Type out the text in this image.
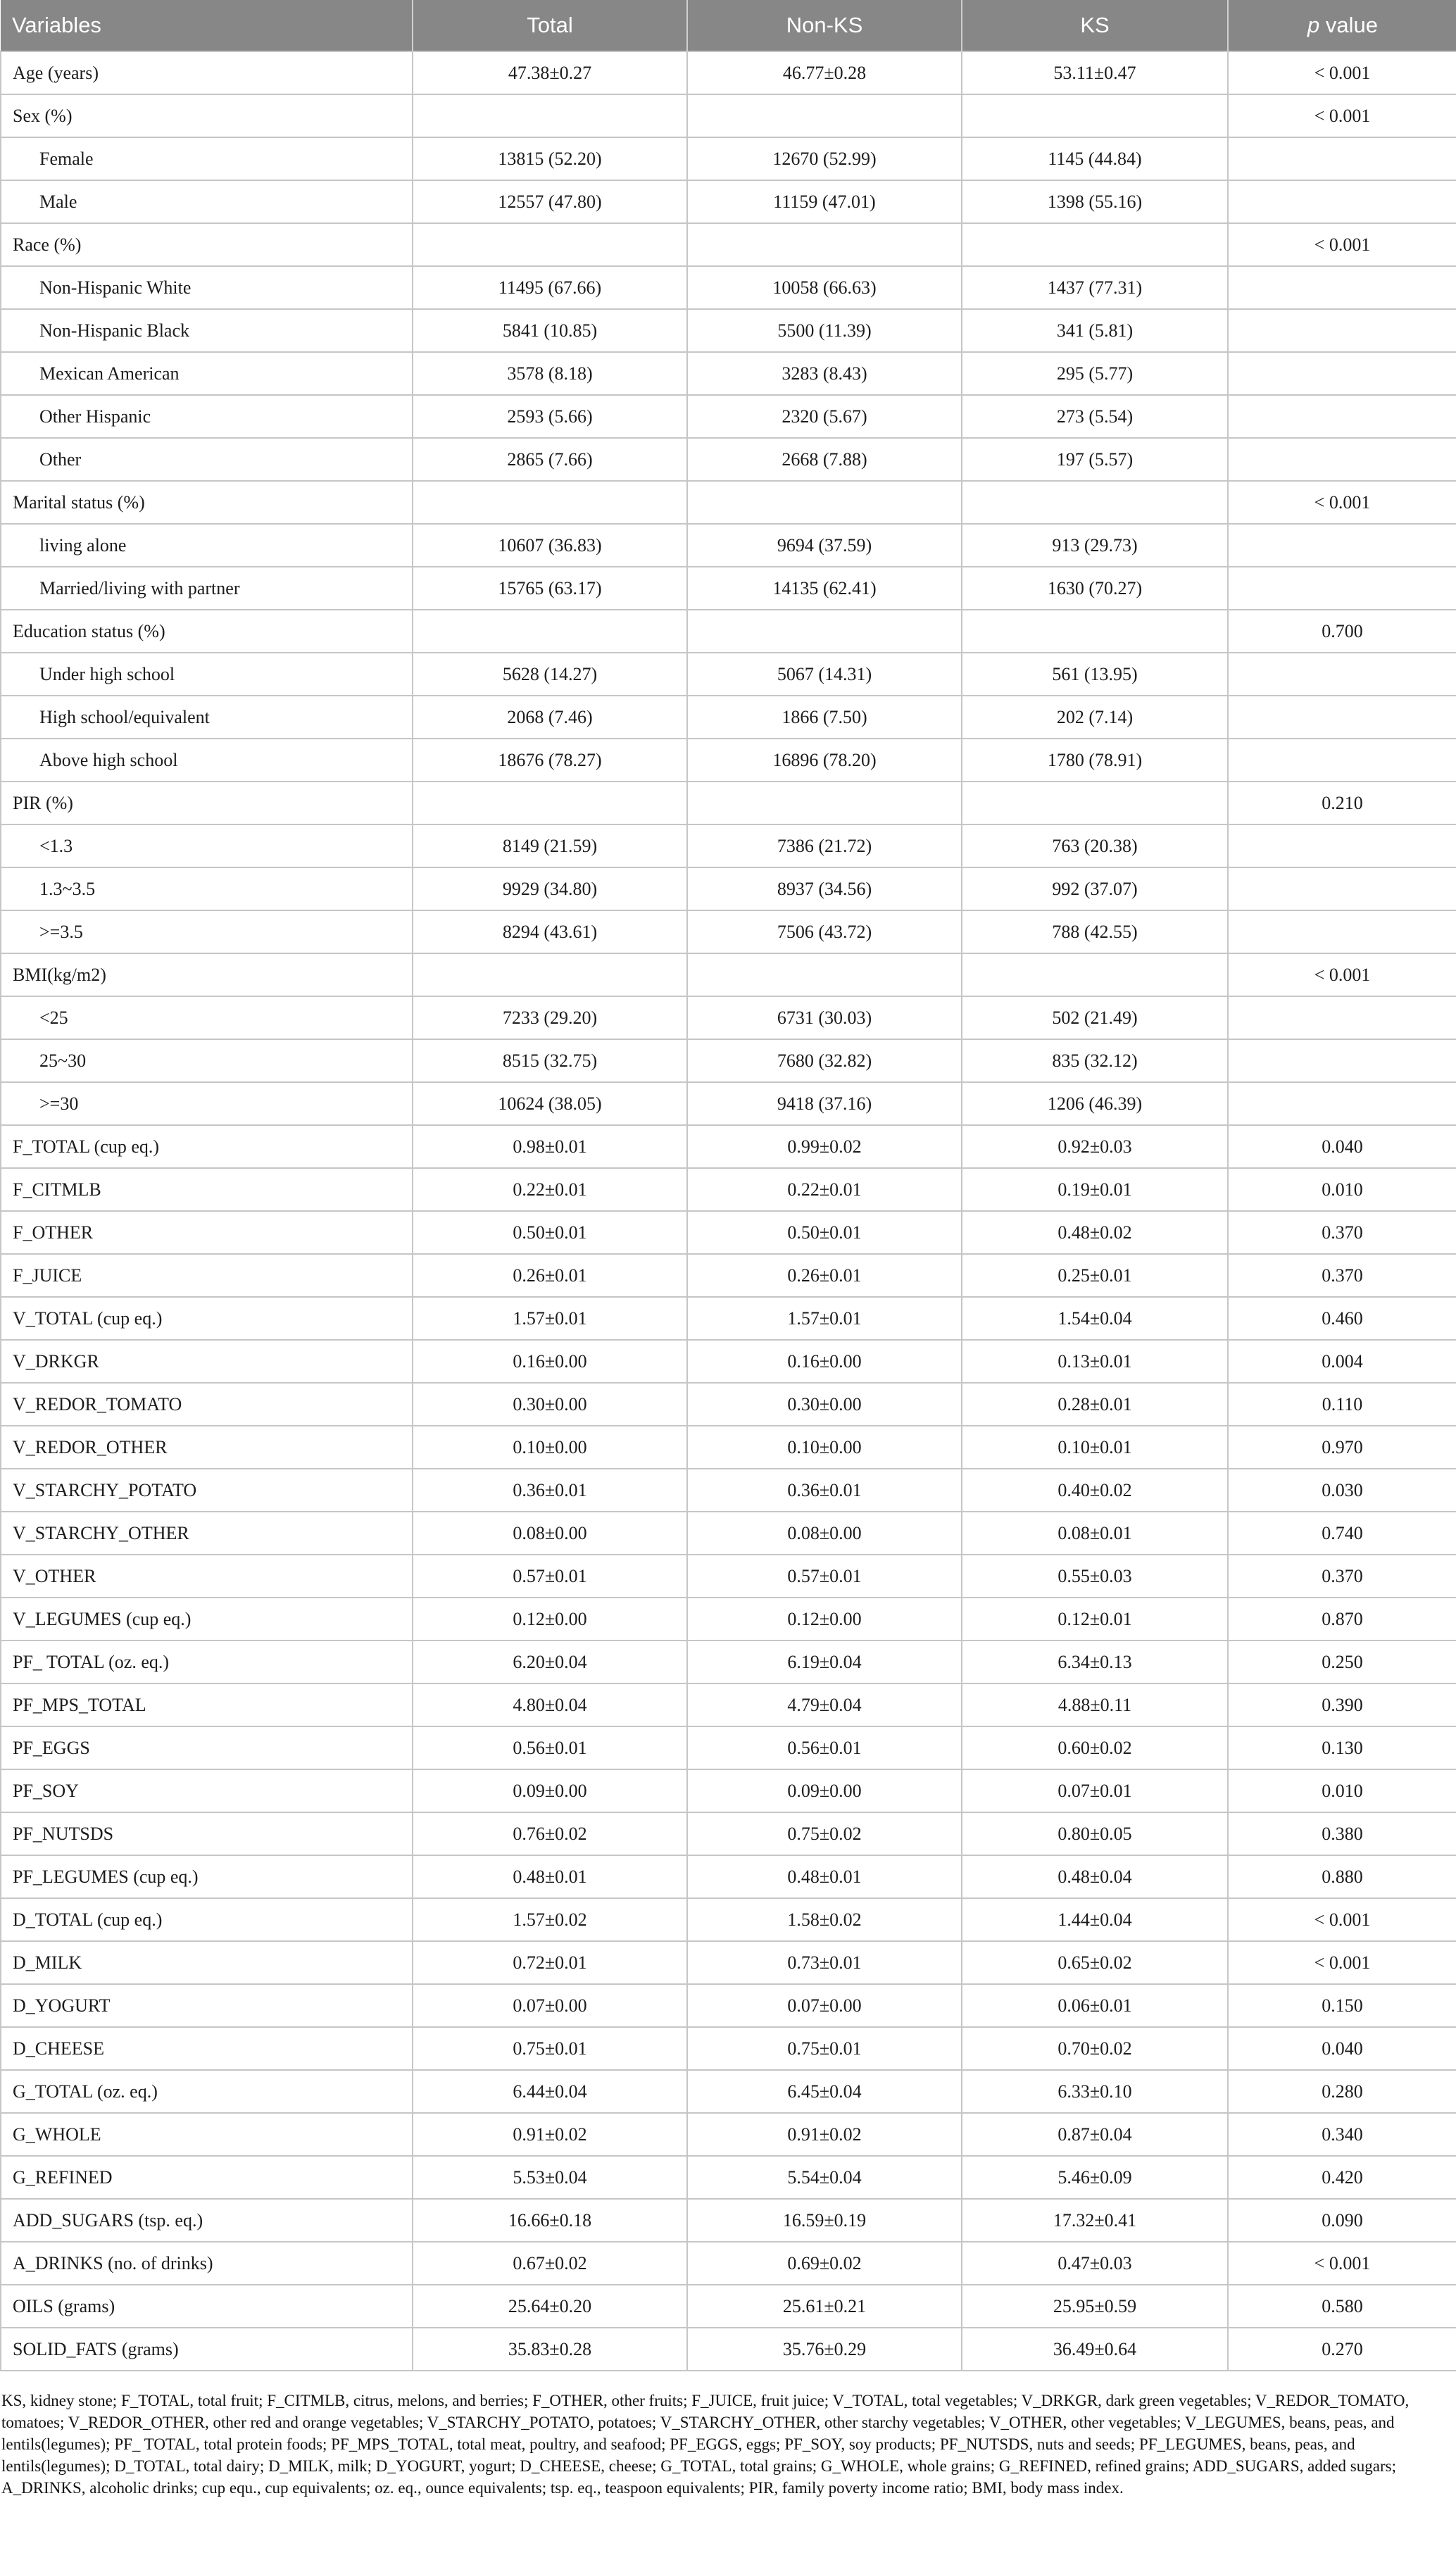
Variables	Total	Non-KS	KS	p value
Age (years)	47.38±0.27	46.77±0.28	53.11±0.47	< 0.001
Sex (%)				< 0.001
Female	13815 (52.20)	12670 (52.99)	1145 (44.84)	
Male	12557 (47.80)	11159 (47.01)	1398 (55.16)	
Race (%)				< 0.001
Non-Hispanic White	11495 (67.66)	10058 (66.63)	1437 (77.31)	
Non-Hispanic Black	5841 (10.85)	5500 (11.39)	341 (5.81)	
Mexican American	3578 (8.18)	3283 (8.43)	295 (5.77)	
Other Hispanic	2593 (5.66)	2320 (5.67)	273 (5.54)	
Other	2865 (7.66)	2668 (7.88)	197 (5.57)	
Marital status (%)				< 0.001
living alone	10607 (36.83)	9694 (37.59)	913 (29.73)	
Married/living with partner	15765 (63.17)	14135 (62.41)	1630 (70.27)	
Education status (%)				0.700
Under high school	5628 (14.27)	5067 (14.31)	561 (13.95)	
High school/equivalent	2068 (7.46)	1866 (7.50)	202 (7.14)	
Above high school	18676 (78.27)	16896 (78.20)	1780 (78.91)	
PIR (%)				0.210
<1.3	8149 (21.59)	7386 (21.72)	763 (20.38)	
1.3~3.5	9929 (34.80)	8937 (34.56)	992 (37.07)	
>=3.5	8294 (43.61)	7506 (43.72)	788 (42.55)	
BMI(kg/m2)				< 0.001
<25	7233 (29.20)	6731 (30.03)	502 (21.49)	
25~30	8515 (32.75)	7680 (32.82)	835 (32.12)	
>=30	10624 (38.05)	9418 (37.16)	1206 (46.39)	
F_TOTAL (cup eq.)	0.98±0.01	0.99±0.02	0.92±0.03	0.040
F_CITMLB	0.22±0.01	0.22±0.01	0.19±0.01	0.010
F_OTHER	0.50±0.01	0.50±0.01	0.48±0.02	0.370
F_JUICE	0.26±0.01	0.26±0.01	0.25±0.01	0.370
V_TOTAL (cup eq.)	1.57±0.01	1.57±0.01	1.54±0.04	0.460
V_DRKGR	0.16±0.00	0.16±0.00	0.13±0.01	0.004
V_REDOR_TOMATO	0.30±0.00	0.30±0.00	0.28±0.01	0.110
V_REDOR_OTHER	0.10±0.00	0.10±0.00	0.10±0.01	0.970
V_STARCHY_POTATO	0.36±0.01	0.36±0.01	0.40±0.02	0.030
V_STARCHY_OTHER	0.08±0.00	0.08±0.00	0.08±0.01	0.740
V_OTHER	0.57±0.01	0.57±0.01	0.55±0.03	0.370
V_LEGUMES (cup eq.)	0.12±0.00	0.12±0.00	0.12±0.01	0.870
PF_ TOTAL (oz. eq.)	6.20±0.04	6.19±0.04	6.34±0.13	0.250
PF_MPS_TOTAL	4.80±0.04	4.79±0.04	4.88±0.11	0.390
PF_EGGS	0.56±0.01	0.56±0.01	0.60±0.02	0.130
PF_SOY	0.09±0.00	0.09±0.00	0.07±0.01	0.010
PF_NUTSDS	0.76±0.02	0.75±0.02	0.80±0.05	0.380
PF_LEGUMES (cup eq.)	0.48±0.01	0.48±0.01	0.48±0.04	0.880
D_TOTAL (cup eq.)	1.57±0.02	1.58±0.02	1.44±0.04	< 0.001
D_MILK	0.72±0.01	0.73±0.01	0.65±0.02	< 0.001
D_YOGURT	0.07±0.00	0.07±0.00	0.06±0.01	0.150
D_CHEESE	0.75±0.01	0.75±0.01	0.70±0.02	0.040
G_TOTAL (oz. eq.)	6.44±0.04	6.45±0.04	6.33±0.10	0.280
G_WHOLE	0.91±0.02	0.91±0.02	0.87±0.04	0.340
G_REFINED	5.53±0.04	5.54±0.04	5.46±0.09	0.420
ADD_SUGARS (tsp. eq.)	16.66±0.18	16.59±0.19	17.32±0.41	0.090
A_DRINKS (no. of drinks)	0.67±0.02	0.69±0.02	0.47±0.03	< 0.001
OILS (grams)	25.64±0.20	25.61±0.21	25.95±0.59	0.580
SOLID_FATS (grams)	35.83±0.28	35.76±0.29	36.49±0.64	0.270
KS, kidney stone; F_TOTAL, total fruit; F_CITMLB, citrus, melons, and berries; F_OTHER, other fruits; F_JUICE, fruit juice; V_TOTAL, total vegetables; V_DRKGR, dark green vegetables; V_REDOR_TOMATO, tomatoes; V_REDOR_OTHER, other red and orange vegetables; V_STARCHY_POTATO, potatoes; V_STARCHY_OTHER, other starchy vegetables; V_OTHER, other vegetables; V_LEGUMES, beans, peas, and lentils(legumes); PF_ TOTAL, total protein foods; PF_MPS_TOTAL, total meat, poultry, and seafood; PF_EGGS, eggs; PF_SOY, soy products; PF_NUTSDS, nuts and seeds; PF_LEGUMES, beans, peas, and lentils(legumes); D_TOTAL, total dairy; D_MILK, milk; D_YOGURT, yogurt; D_CHEESE, cheese; G_TOTAL, total grains; G_WHOLE, whole grains; G_REFINED, refined grains; ADD_SUGARS, added sugars; A_DRINKS, alcoholic drinks; cup equ., cup equivalents; oz. eq., ounce equivalents; tsp. eq., teaspoon equivalents; PIR, family poverty income ratio; BMI, body mass index.
